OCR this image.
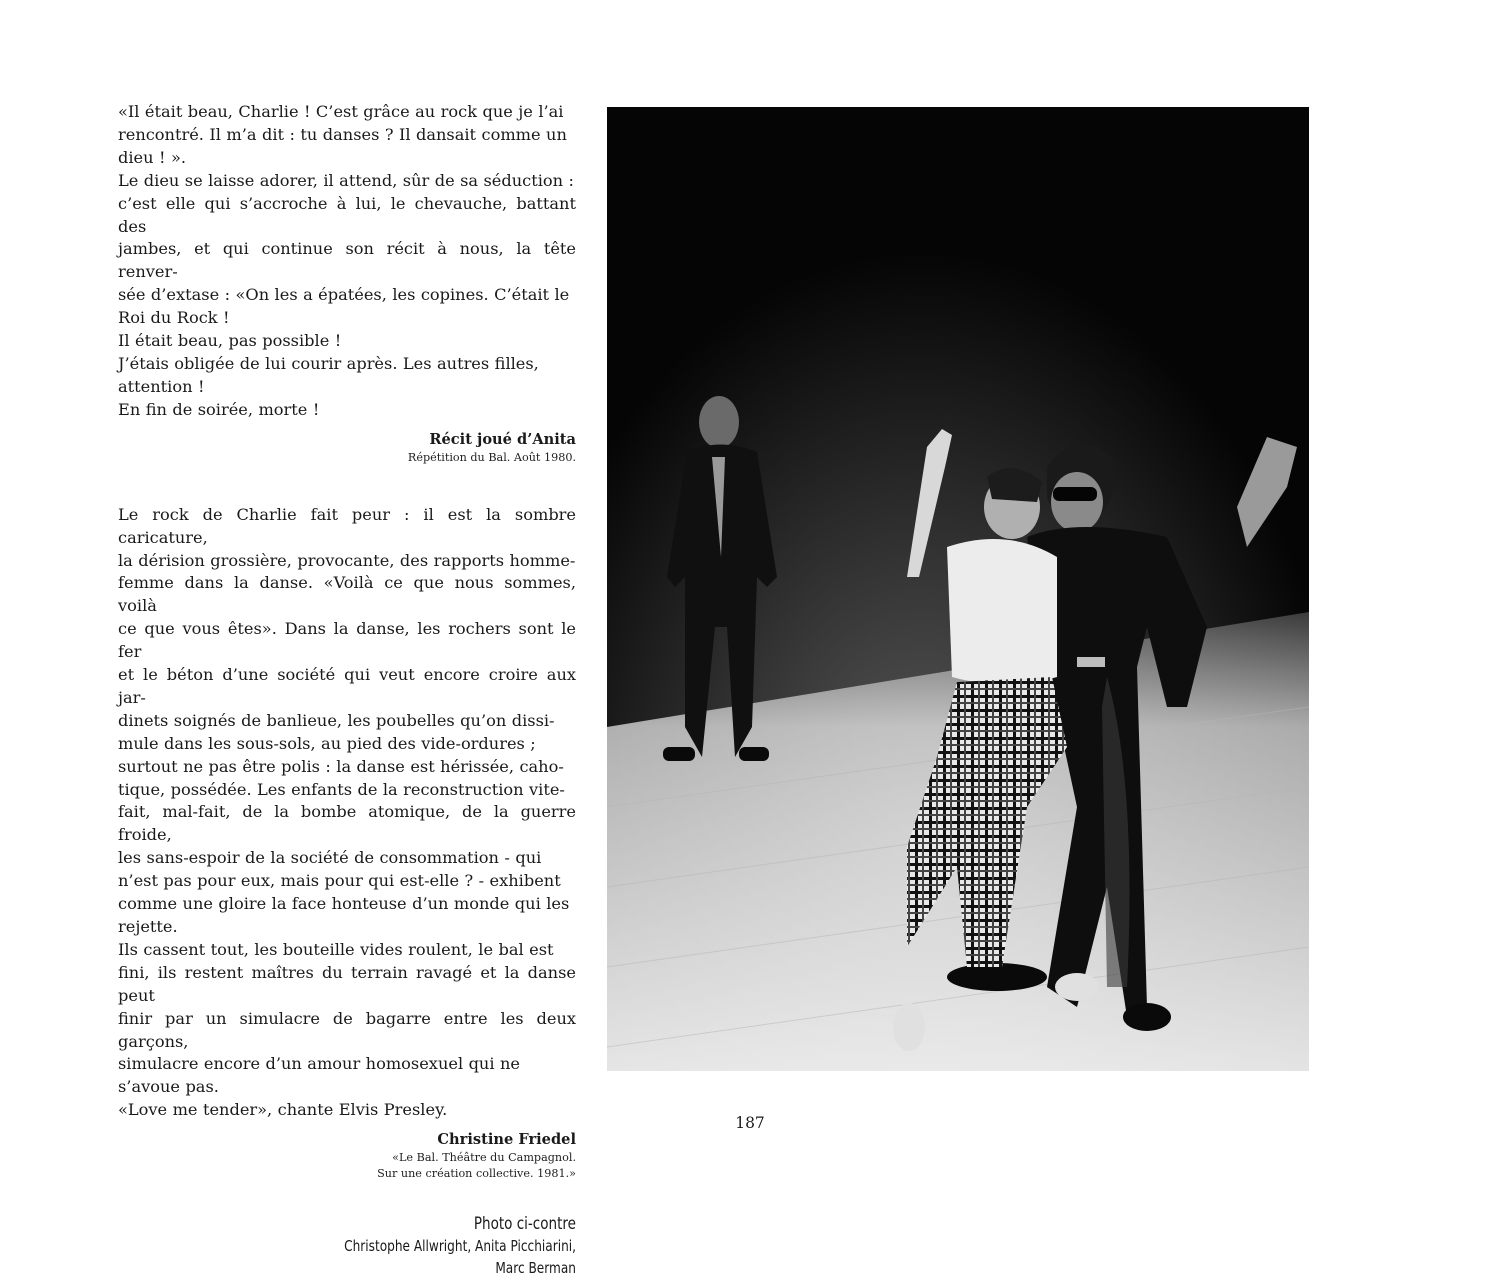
«Il était beau, Charlie ! C’est grâce au rock que je l’ai

rencontré. Il m’a dit : tu danses ? Il dansait comme un

dieu ! ».

Le dieu se laisse adorer, il attend, sûr de sa séduction :

c’est elle qui s’accroche à lui, le chevauche, battant des

jambes, et qui continue son récit à nous, la tête renver-

sée d’extase : «On les a épatées, les copines. C’était le

Roi du Rock !

Il était beau, pas possible !

J’étais obligée de lui courir après. Les autres filles,

attention !

En fin de soirée, morte !

Récit joué d’Anita
Répétition du Bal. Août 1980.

Le rock de Charlie fait peur : il est la sombre caricature,

la dérision grossière, provocante, des rapports homme-

femme dans la danse. «Voilà ce que nous sommes, voilà

ce que vous êtes». Dans la danse, les rochers sont le fer

et le béton d’une société qui veut encore croire aux jar-

dinets soignés de banlieue, les poubelles qu’on dissi-

mule dans les sous-sols, au pied des vide-ordures ;

surtout ne pas être polis : la danse est hérissée, caho-

tique, possédée. Les enfants de la reconstruction vite-

fait, mal-fait, de la bombe atomique, de la guerre froide,

les sans-espoir de la société de consommation - qui

n’est pas pour eux, mais pour qui est-elle ? - exhibent

comme une gloire la face honteuse d’un monde qui les

rejette.

Ils cassent tout, les bouteille vides roulent, le bal est

fini, ils restent maîtres du terrain ravagé et la danse peut

finir par un simulacre de bagarre entre les deux garçons,

simulacre encore d’un amour homosexuel qui ne

s’avoue pas.

«Love me tender», chante Elvis Presley.

Christine Friedel
«Le Bal. Théâtre du Campagnol.
Sur une création collective. 1981.»
Photo ci-contre
Christophe Allwright, Anita Picchiarini,
Marc Berman
187
